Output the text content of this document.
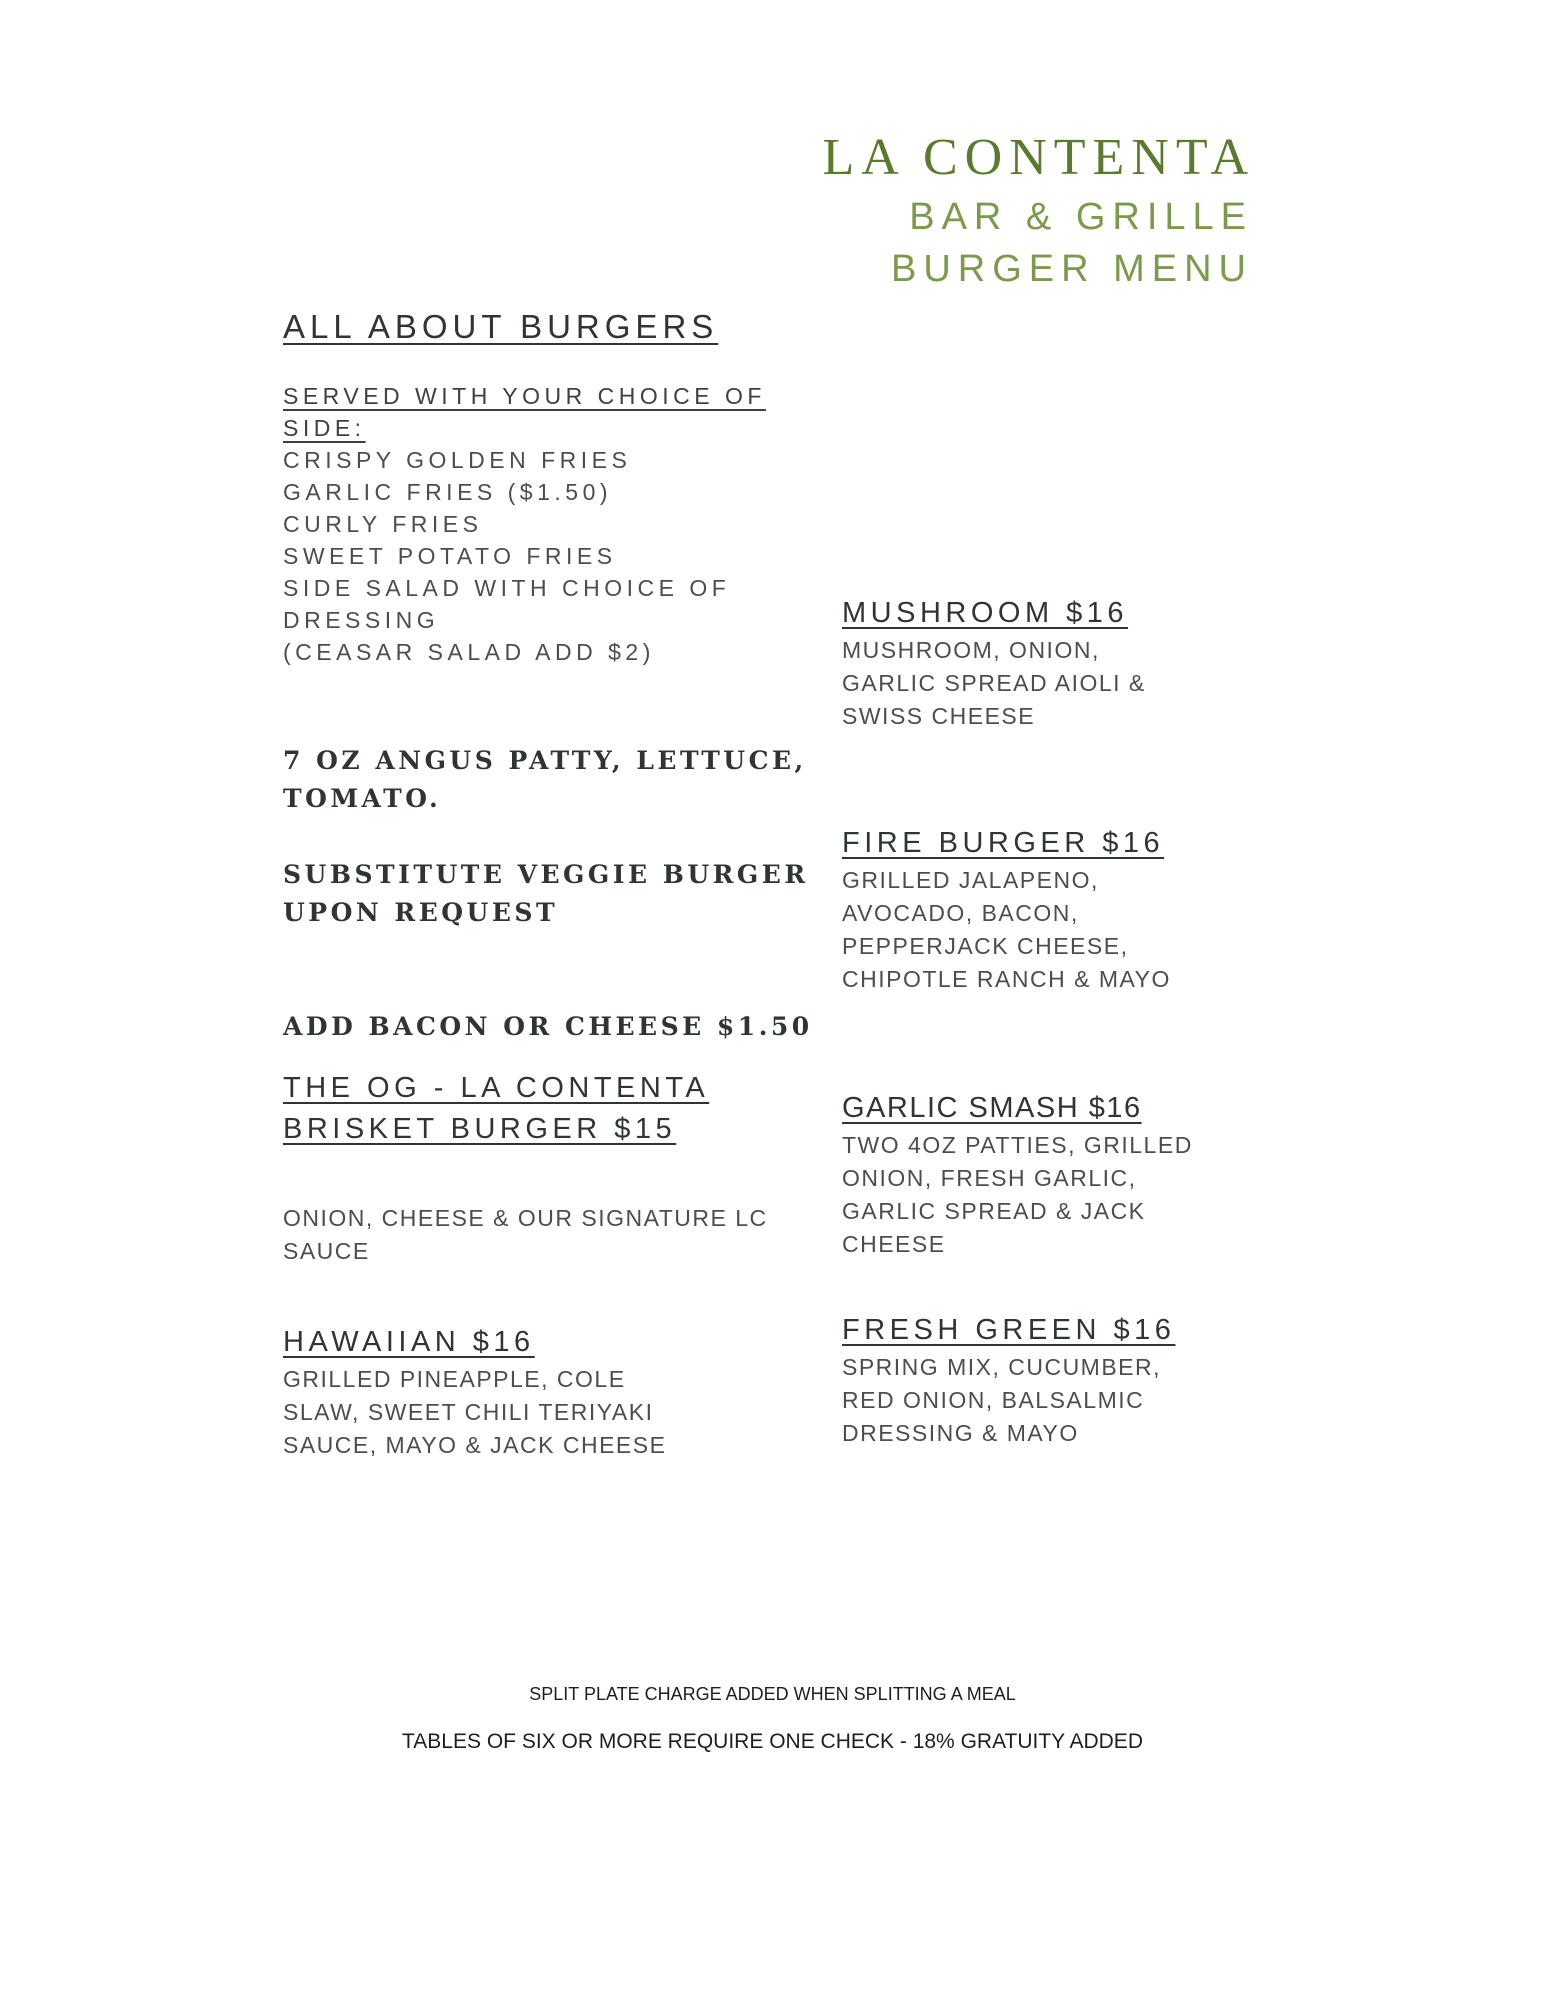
LA CONTENTA
BAR & GRILLE
BURGER MENU
ALL ABOUT BURGERS
SERVED WITH YOUR CHOICE OF SIDE:
CRISPY GOLDEN FRIES
GARLIC FRIES ($1.50)
CURLY FRIES
SWEET POTATO FRIES
SIDE SALAD WITH CHOICE OF
DRESSING
(CEASAR SALAD ADD $2)
7 OZ ANGUS PATTY, LETTUCE, TOMATO.
SUBSTITUTE VEGGIE BURGER UPON REQUEST
ADD BACON OR CHEESE $1.50
THE OG - LA CONTENTA
BRISKET BURGER $15
ONION, CHEESE & OUR SIGNATURE LC SAUCE
HAWAIIAN $16
GRILLED PINEAPPLE, COLE SLAW, SWEET CHILI TERIYAKI SAUCE, MAYO & JACK CHEESE
MUSHROOM $16
MUSHROOM, ONION, GARLIC SPREAD AIOLI & SWISS CHEESE
FIRE BURGER $16
GRILLED JALAPENO, AVOCADO, BACON, PEPPERJACK CHEESE, CHIPOTLE RANCH & MAYO
GARLIC SMASH $16
TWO 4OZ PATTIES, GRILLED ONION, FRESH GARLIC, GARLIC SPREAD & JACK CHEESE
FRESH GREEN $16
SPRING MIX, CUCUMBER, RED ONION, BALSALMIC DRESSING & MAYO
SPLIT PLATE CHARGE ADDED WHEN SPLITTING A MEAL
TABLES OF SIX OR MORE REQUIRE ONE CHECK - 18% GRATUITY ADDED
